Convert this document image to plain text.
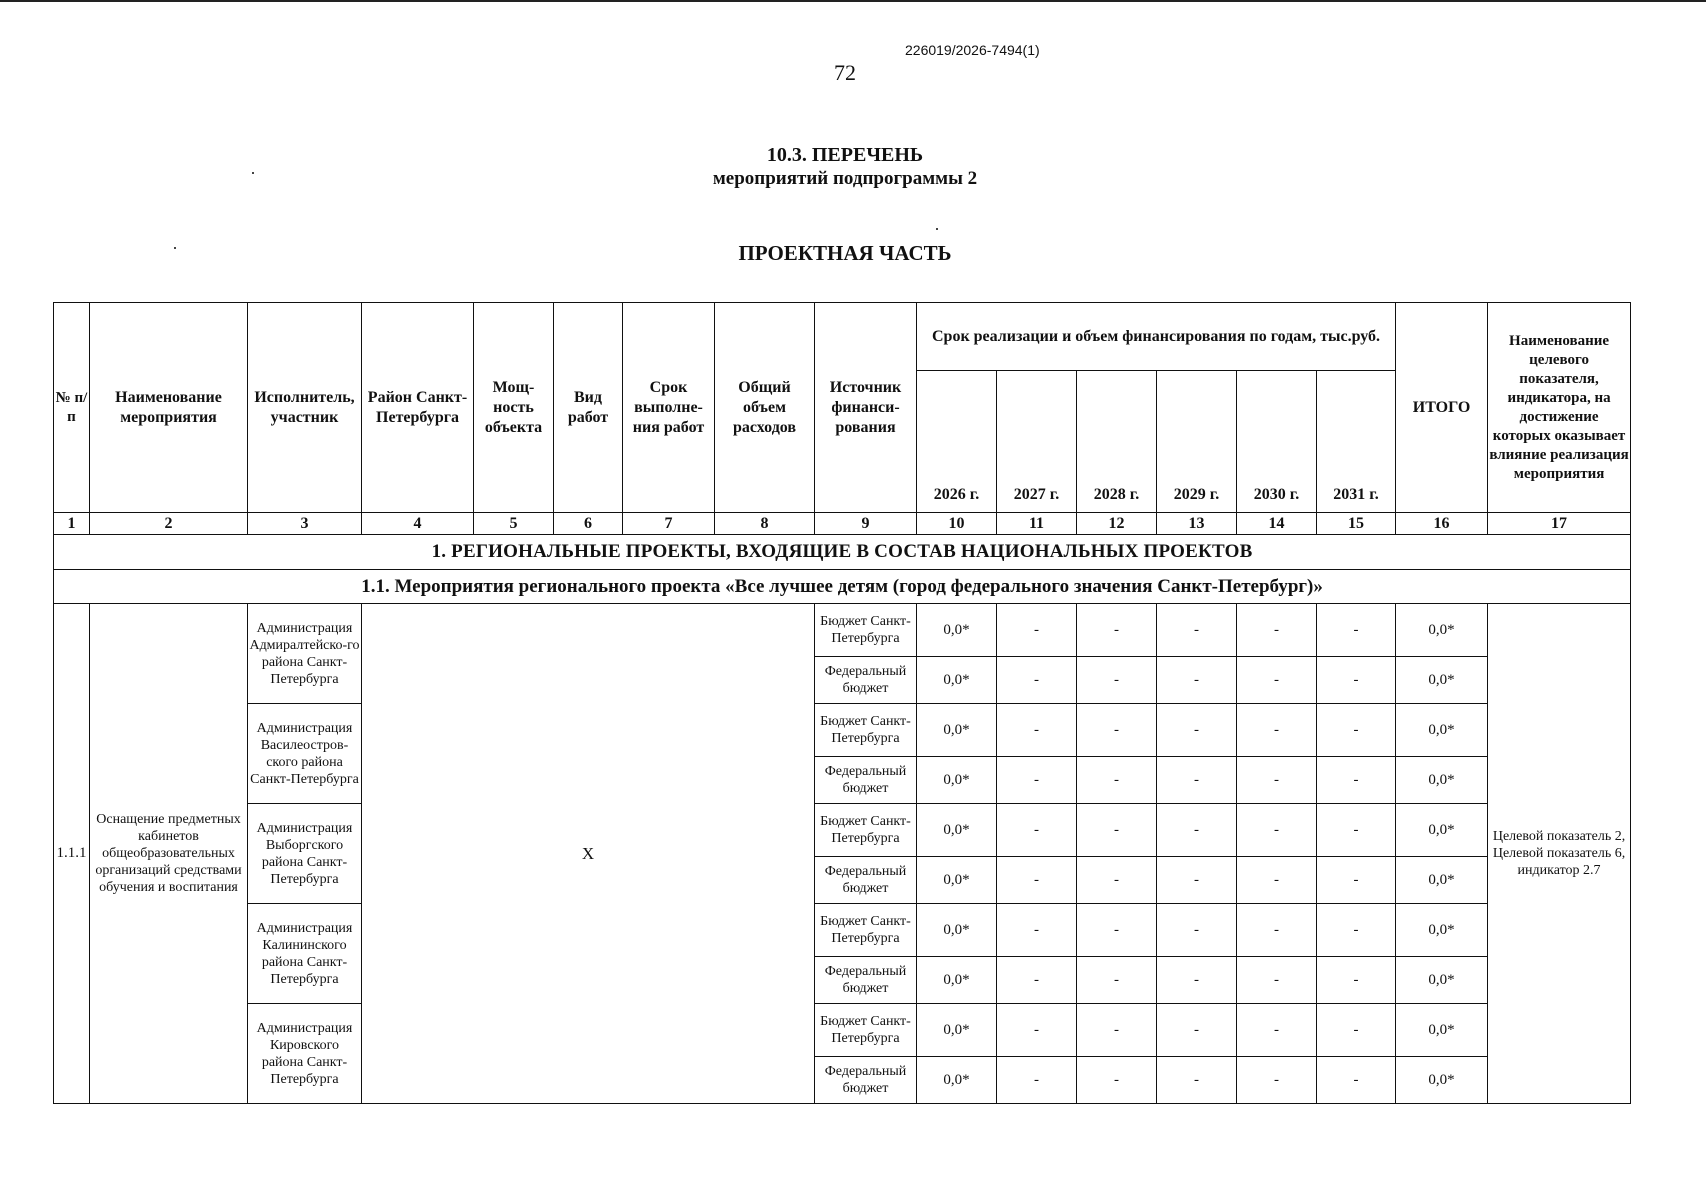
226019/2026-7494(1)
72
10.3. ПЕРЕЧЕНЬ
мероприятий подпрограммы 2
ПРОЕКТНАЯ ЧАСТЬ
№ п/п	Наименование мероприятия	Исполнитель, участник	Район Санкт-Петербурга	Мощ-ность объекта	Вид работ	Срок выполне-ния работ	Общий объем расходов	Источник финанси-рования	Срок реализации и объем финансирования по годам, тыс.руб.						ИТОГО	Наименование целевого показателя, индикатора, на достижение которых оказывает влияние реализация мероприятия
									2026 г.	2027 г.	2028 г.	2029 г.	2030 г.	2031 г.		
1	2	3	4	5	6	7	8	9	10	11	12	13	14	15	16	17
1. РЕГИОНАЛЬНЫЕ ПРОЕКТЫ, ВХОДЯЩИЕ В СОСТАВ НАЦИОНАЛЬНЫХ ПРОЕКТОВ																
1.1. Мероприятия регионального проекта «Все лучшее детям (город федерального значения Санкт-Петербург)»																
1.1.1	Оснащение предметных кабинетов общеобразовательных организаций средствами обучения и воспитания	Администрация Адмиралтейско-го района Санкт-Петербурга	Х					Бюджет Санкт-Петербурга	0,0*	-	-	-	-	-	0,0*	Целевой показатель 2, Целевой показатель 6, индикатор 2.7
								Федеральный бюджет	0,0*	-	-	-	-	-	0,0*	
		Администрация Василеостров-ского района Санкт-Петербурга						Бюджет Санкт-Петербурга	0,0*	-	-	-	-	-	0,0*	
								Федеральный бюджет	0,0*	-	-	-	-	-	0,0*	
		Администрация Выборгского района Санкт-Петербурга						Бюджет Санкт-Петербурга	0,0*	-	-	-	-	-	0,0*	
								Федеральный бюджет	0,0*	-	-	-	-	-	0,0*	
		Администрация Калининского района Санкт-Петербурга						Бюджет Санкт-Петербурга	0,0*	-	-	-	-	-	0,0*	
								Федеральный бюджет	0,0*	-	-	-	-	-	0,0*	
		Администрация Кировского района Санкт-Петербурга						Бюджет Санкт-Петербурга	0,0*	-	-	-	-	-	0,0*	
								Федеральный бюджет	0,0*	-	-	-	-	-	0,0*	
